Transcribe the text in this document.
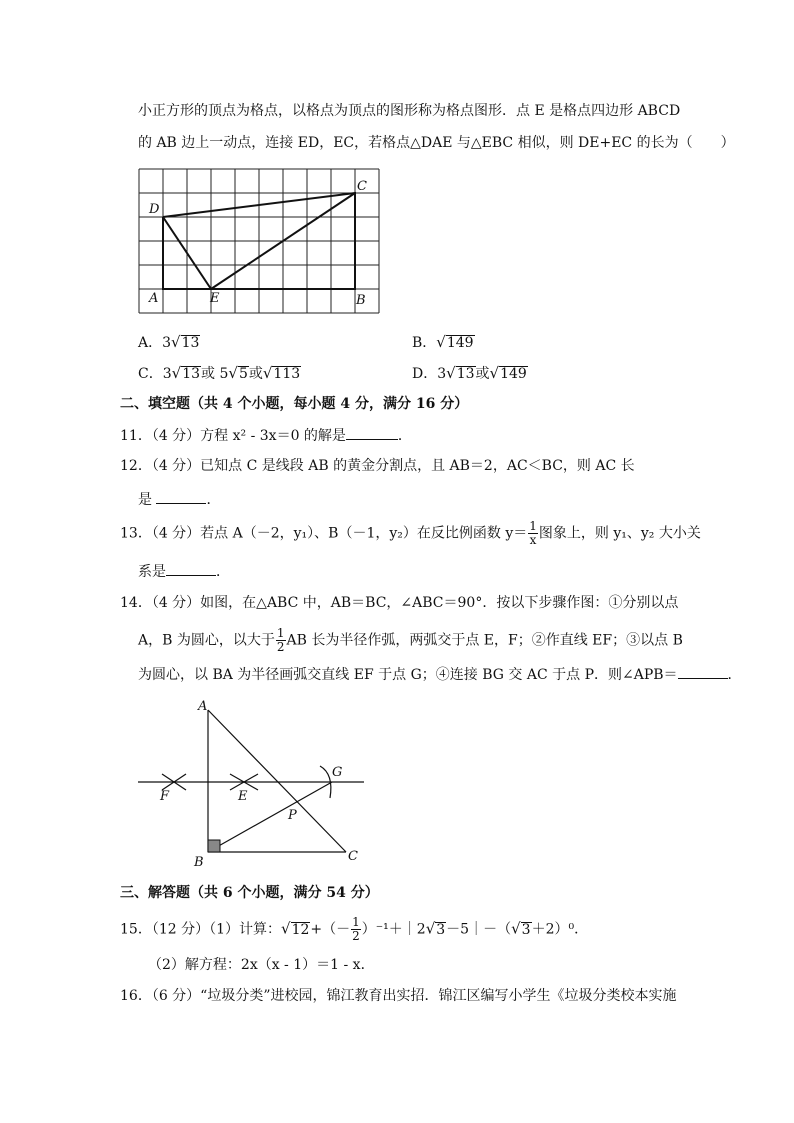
小正方形的顶点为格点，以格点为顶点的图形称为格点图形．点 E 是格点四边形 ABCD
的 AB 边上一动点，连接 ED，EC，若格点△DAE 与△EBC 相似，则 DE+EC 的长为（　　）
A	B
C
D
E
A．3√13	B．√149
C．3√13或 5√5或√113	D．3√13或√149
二、填空题（共 4 个小题，每小题 4 分，满分 16 分）
11．（4 分）方程 x² - 3x＝0 的解是	．
12．（4 分）已知点 C 是线段 AB 的黄金分割点，且 AB＝2，AC＜BC，则 AC 长
是	．
13．（4 分）若点 A（－2，y₁）、B（－1，y₂）在反比例函数 $y= \frac{1}{x}$ 图象上，则 y₁、y₂ 大小关
系是	．
14．（4 分）如图，在△ABC 中，AB＝BC，∠ABC＝90°．按以下步骤作图：①分别以点
A，B 为圆心，以大于 $\frac{1}{2}$ AB 长为半径作弧，两弧交于点 E，F；②作直线 EF；③以点 B
为圆心，以 BA 为半径画弧交直线 EF 于点 G；④连接 BG 交 AC 于点 P．则∠APB＝	．
A
B	C
E
F
G
P
三、解答题（共 6 个小题，满分 54 分）
15．（12 分）（1）计算：$√12+(- \frac{1}{2}$ ）⁻¹＋｜2√3－5｜－（√3＋2）⁰．
（2）解方程：2x（x - 1）＝1 - x．
16．（6 分）“垃圾分类”进校园，锦江教育出实招．锦江区编写小学生《垃圾分类校本实施
